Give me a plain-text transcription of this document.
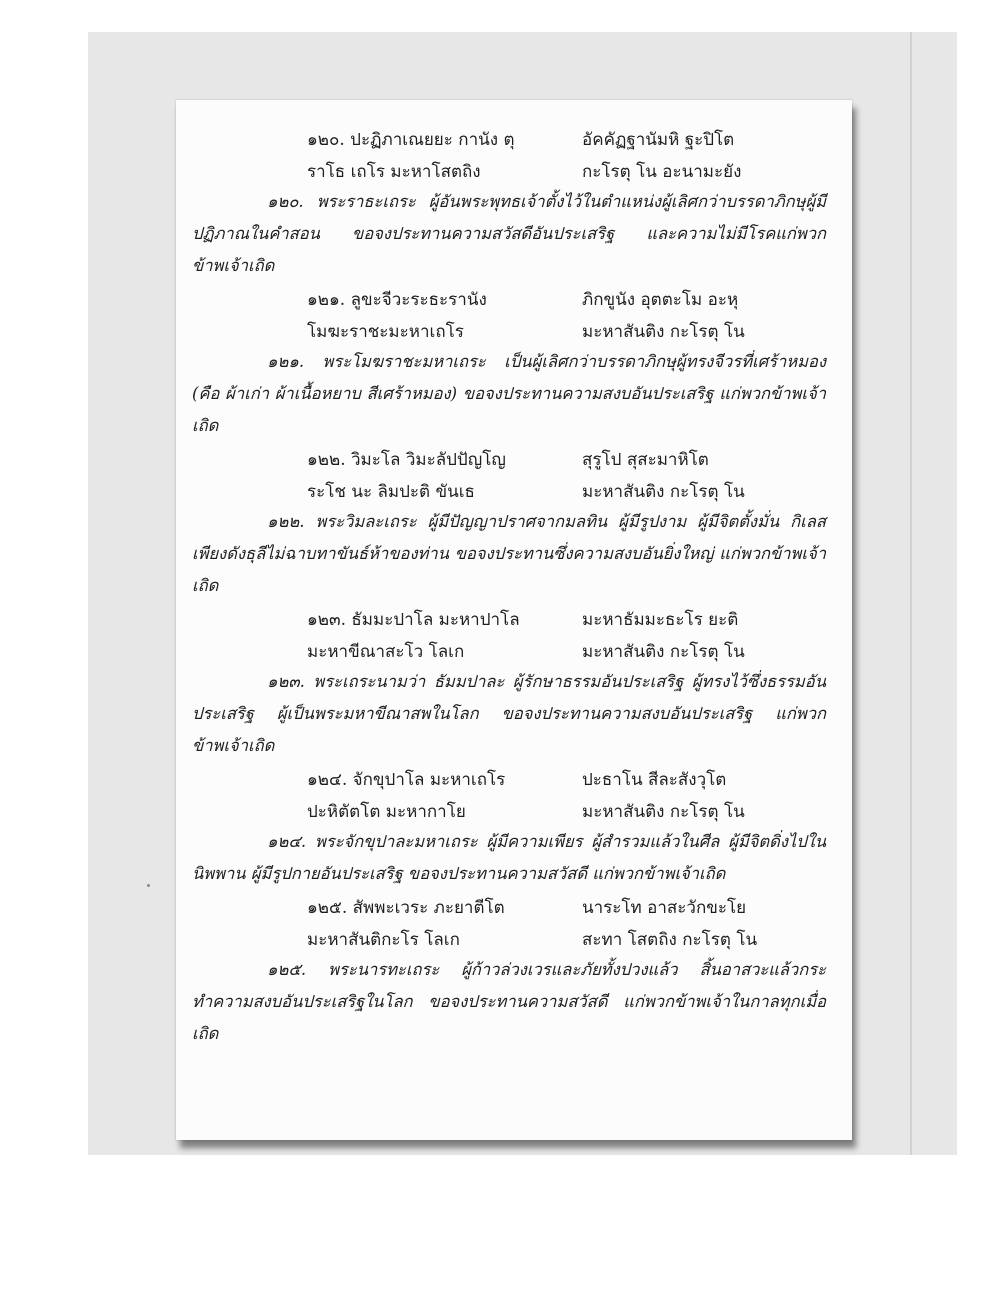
๑๒๐. ปะฏิภาเณยยะ กานัง ตุ	อัคคัฏฐานัมหิ ฐะปิโต
ราโธ เถโร มะหาโสตถิง	กะโรตุ โน อะนามะยัง

๑๒๐. พระราธะเถระ ผู้อันพระพุทธเจ้าตั้งไว้ในตำแหน่งผู้เลิศกว่าบรรดาภิกษุผู้มีปฏิภาณในคำสอน ขอจงประทานความสวัสดีอันประเสริฐ และความไม่มีโรคแก่พวกข้าพเจ้าเถิด

๑๒๑. ลูขะจีวะระธะรานัง	ภิกขูนัง อุตตะโม อะหุ
โมฆะราชะมะหาเถโร	มะหาสันติง กะโรตุ โน

๑๒๑. พระโมฆราชะมหาเถระ เป็นผู้เลิศกว่าบรรดาภิกษุผู้ทรงจีวรที่เศร้าหมอง (คือ ผ้าเก่า ผ้าเนื้อหยาบ สีเศร้าหมอง) ขอจงประทานความสงบอันประเสริฐ แก่พวกข้าพเจ้าเถิด

๑๒๒. วิมะโล วิมะลัปปัญโญ	สุรูโป สุสะมาหิโต
ระโช นะ ลิมปะติ ขันเธ	มะหาสันติง กะโรตุ โน

๑๒๒. พระวิมละเถระ ผู้มีปัญญาปราศจากมลทิน ผู้มีรูปงาม ผู้มีจิตตั้งมั่น กิเลสเพียงดังธุลีไม่ฉาบทาขันธ์ห้าของท่าน ขอจงประทานซึ่งความสงบอันยิ่งใหญ่ แก่พวกข้าพเจ้าเถิด

๑๒๓. ธัมมะปาโล มะหาปาโล	มะหาธัมมะธะโร ยะติ
มะหาขีณาสะโว โลเก	มะหาสันติง กะโรตุ โน

๑๒๓. พระเถระนามว่า ธัมมปาละ ผู้รักษาธรรมอันประเสริฐ ผู้ทรงไว้ซึ่งธรรมอันประเสริฐ ผู้เป็นพระมหาขีณาสพในโลก ขอจงประทานความสงบอันประเสริฐ แก่พวกข้าพเจ้าเถิด

๑๒๔. จักขุปาโล มะหาเถโร	ปะธาโน สีละสังวุโต
ปะหิตัตโต มะหากาโย	มะหาสันติง กะโรตุ โน

๑๒๔. พระจักขุปาละมหาเถระ ผู้มีความเพียร ผู้สำรวมแล้วในศีล ผู้มีจิตดิ่งไปในนิพพาน ผู้มีรูปกายอันประเสริฐ ขอจงประทานความสวัสดี แก่พวกข้าพเจ้าเถิด

๑๒๕. สัพพะเวระ ภะยาตีโต	นาระโท อาสะวักขะโย
มะหาสันติกะโร โลเก	สะทา โสตถิง กะโรตุ โน

๑๒๕. พระนารทะเถระ ผู้ก้าวล่วงเวรและภัยทั้งปวงแล้ว สิ้นอาสวะแล้วกระทำความสงบอันประเสริฐในโลก ขอจงประทานความสวัสดี แก่พวกข้าพเจ้าในกาลทุกเมื่อเถิด
